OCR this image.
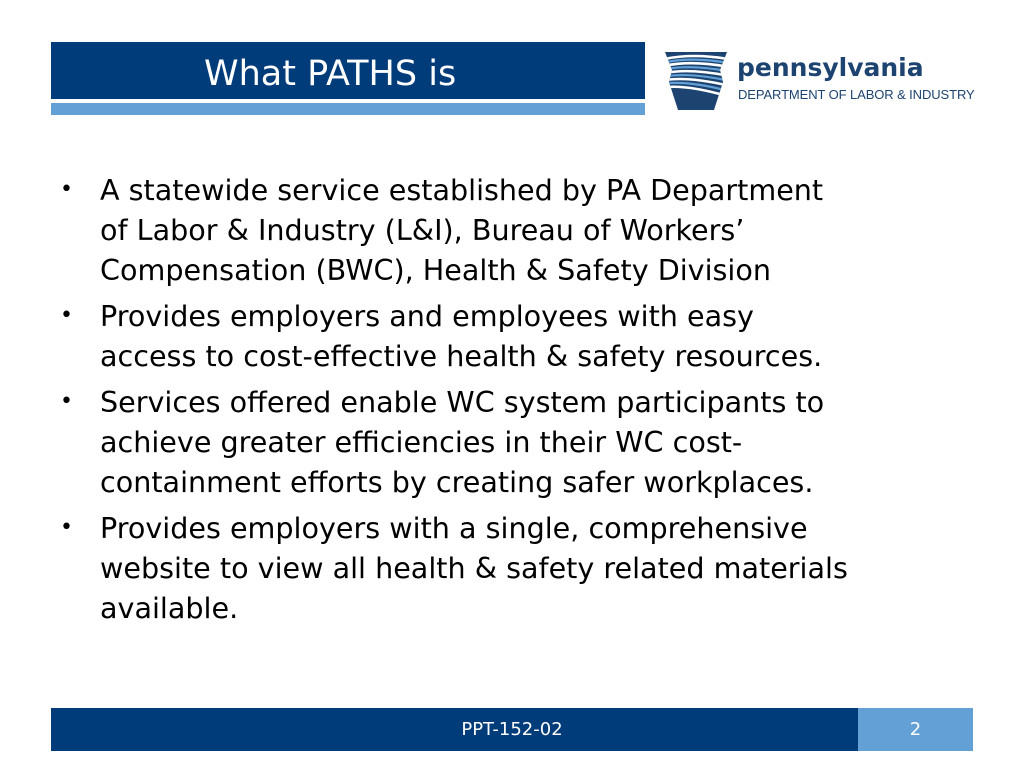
What PATHS is	pennsylvania
DEPARTMENT OF LABOR & INDUSTRY
• A statewide service established by PA Department
of Labor & Industry (L&I), Bureau of Workers’
Compensation (BWC), Health & Safety Division
• Provides employers and employees with easy
access to cost-effective health & safety resources.
• Services offered enable WC system participants to
achieve greater efficiencies in their WC cost-
containment efforts by creating safer workplaces.
• Provides employers with a single, comprehensive
website to view all health & safety related materials
available.
PPT-152-02	2
